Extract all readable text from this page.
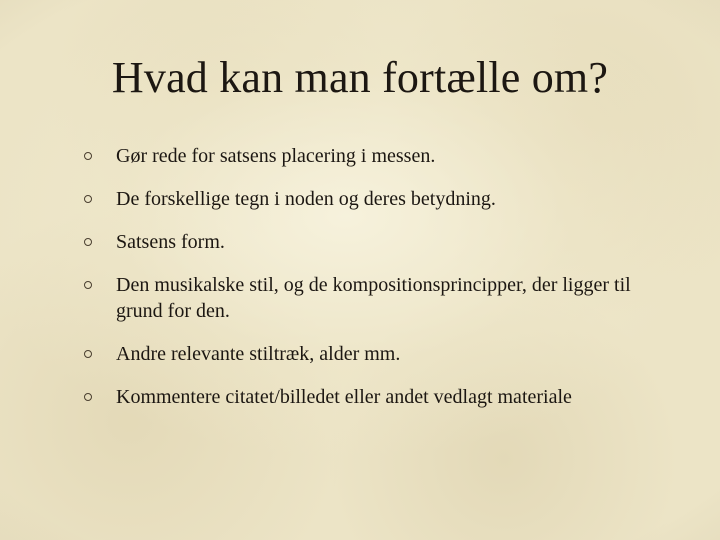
Hvad kan man fortælle om?
Gør rede for satsens placering i messen.
De forskellige tegn i noden og deres betydning.
Satsens form.
Den musikalske stil, og de kompositionsprincipper, der ligger til grund for den.
Andre relevante stiltræk, alder mm.
Kommentere citatet/billedet eller andet vedlagt materiale
